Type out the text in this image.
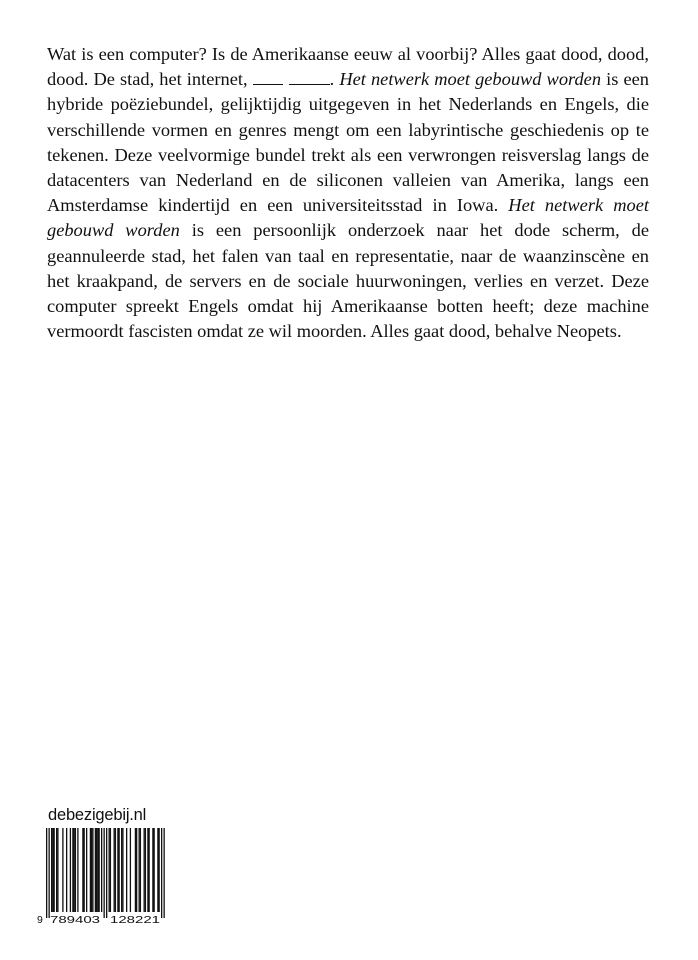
Wat is een computer? Is de Amerikaanse eeuw al voorbij? Alles gaat dood, dood, dood. De stad, het internet,	. Het netwerk moet gebouwd worden is een hybride poëziebundel, gelijktijdig uitgegeven in het Nederlands en Engels, die verschillende vormen en genres mengt om een labyrintische geschiedenis op te tekenen. Deze veelvormige bundel trekt als een verwrongen reisverslag langs de datacenters van Nederland en de siliconen valleien van Amerika, langs een Amsterdamse kindertijd en een universiteitsstad in Iowa. Het netwerk moet gebouwd worden is een persoonlijk onderzoek naar het dode scherm, de geannuleerde stad, het falen van taal en representatie, naar de waanzinscène en het kraakpand, de servers en de sociale huurwoningen, verlies en verzet. Deze computer spreekt Engels omdat hij Amerikaanse botten heeft; deze machine vermoordt fascisten omdat ze wil moorden. Alles gaat dood, behalve Neopets.

debezigebij.nl
9 789403 128221
